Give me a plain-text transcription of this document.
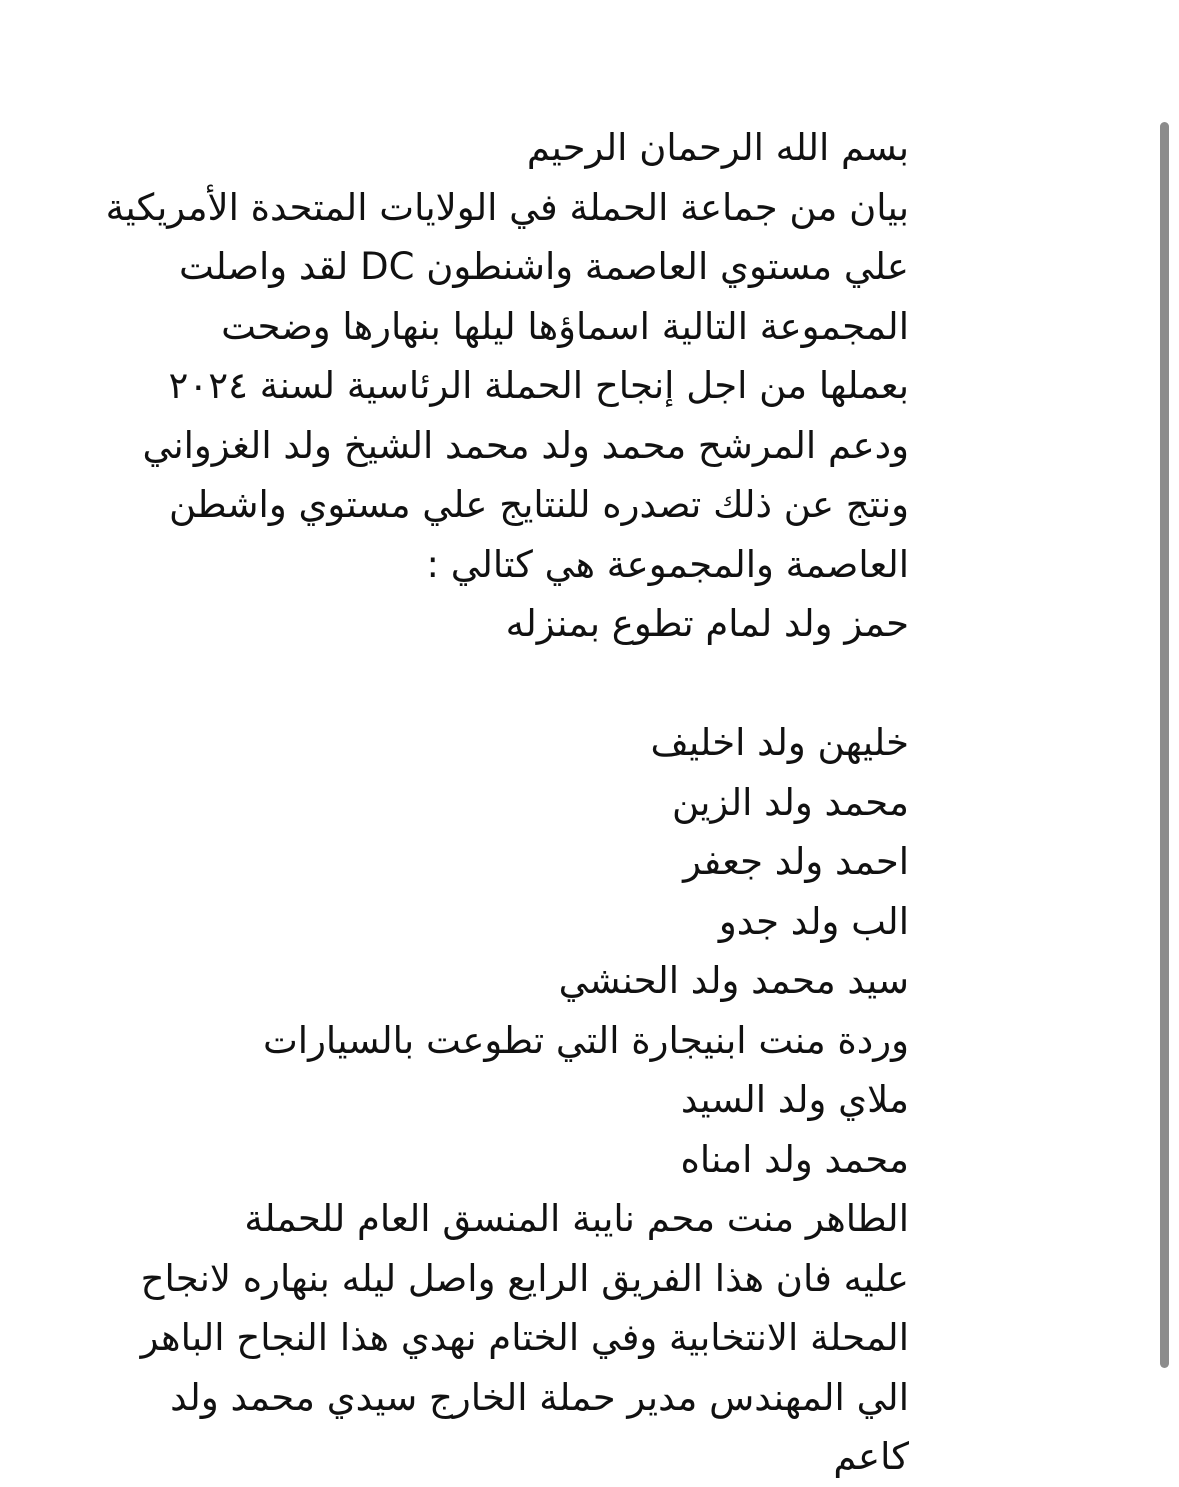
بسم الله الرحمان الرحيم
بيان من جماعة الحملة في الولايات المتحدة الأمريكية
علي مستوي العاصمة واشنطون DC لقد واصلت
المجموعة التالية اسماؤها ليلها بنهارها وضحت
بعملها من اجل إنجاح الحملة الرئاسية لسنة ٢٠٢٤
ودعم المرشح محمد ولد محمد الشيخ ولد الغزواني
ونتج عن ذلك تصدره للنتايج علي مستوي واشطن
العاصمة والمجموعة هي كتالي :
حمز ولد لمام تطوع بمنزله
خليهن ولد اخليف
محمد ولد الزين
احمد ولد جعفر
الب ولد جدو
سيد محمد ولد الحنشي
وردة منت ابنيجارة التي تطوعت بالسيارات
ملاي ولد السيد
محمد ولد امناه
الطاهر منت محم نايبة المنسق العام للحملة
عليه فان هذا الفريق الرايع واصل ليله بنهاره لانجاح
المحلة الانتخابية وفي الختام نهدي هذا النجاح الباهر
الي المهندس مدير حملة الخارج سيدي محمد ولد
كاعم
